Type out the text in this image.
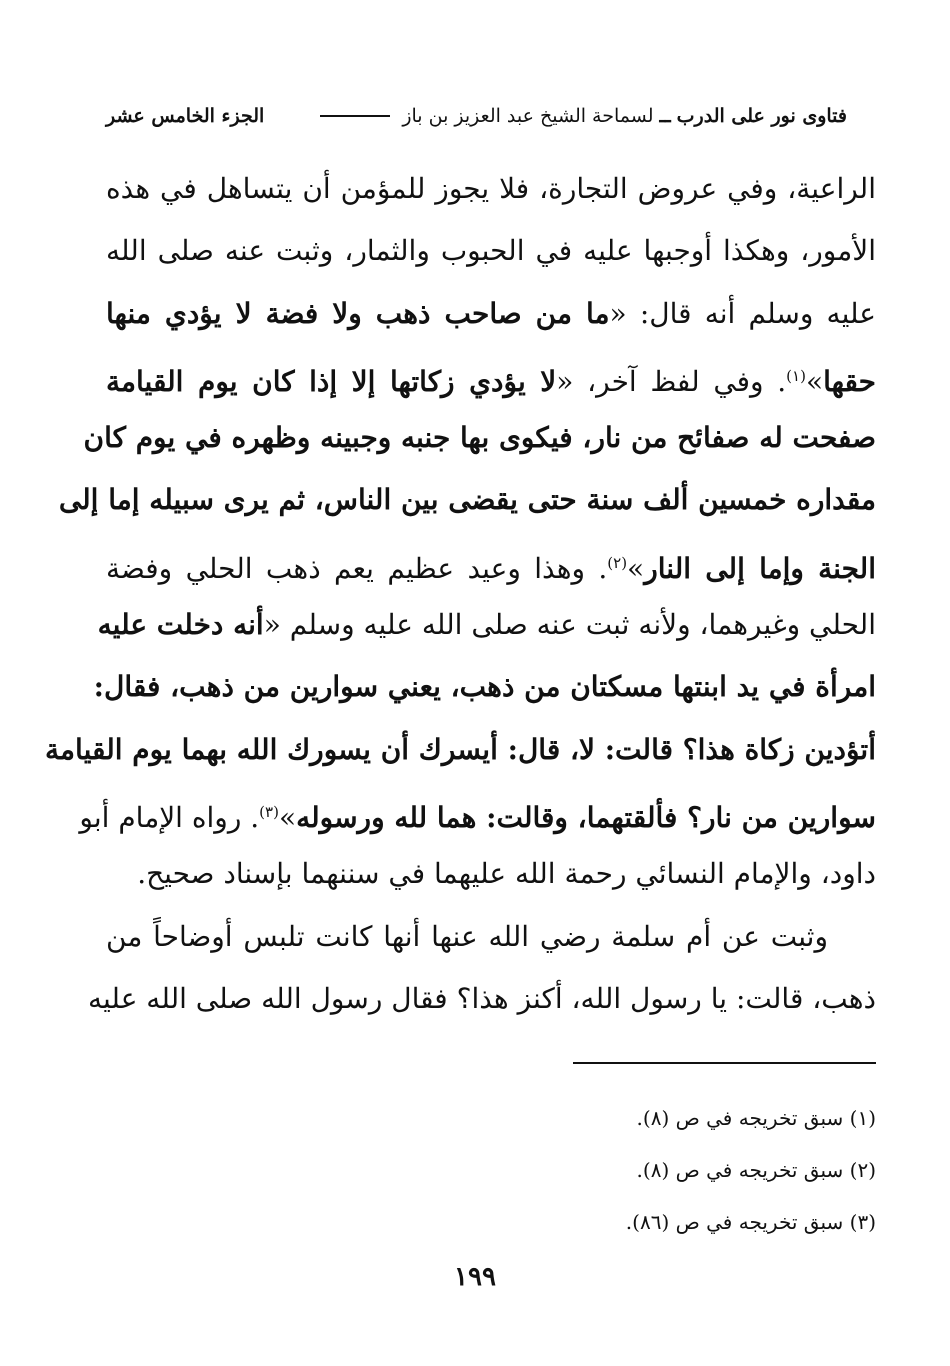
فتاوى نور على الدرب
ــ
لسماحة الشيخ عبد العزيز بن باز
الجزء الخامس عشر
الراعية، وفي عروض التجارة، فلا يجوز للمؤمن أن يتساهل في هذه
الأمور، وهكذا أوجبها عليه في الحبوب والثمار، وثبت عنه صلى الله
عليه وسلم أنه قال: «ما من صاحب ذهب ولا فضة لا يؤدي منها
حقها»$^{(١)}$. وفي لفظ آخر، «لا يؤدي زكاتها إلا إذا كان يوم القيامة
صفحت له صفائح من نار، فيكوى بها جنبه وجبينه وظهره في يوم كان
مقداره خمسين ألف سنة حتى يقضى بين الناس، ثم يرى سبيله إما إلى
الجنة وإما إلى النار»$^{(٢)}$. وهذا وعيد عظيم يعم ذهب الحلي وفضة
الحلي وغيرهما، ولأنه ثبت عنه صلى الله عليه وسلم «أنه دخلت عليه
امرأة في يد ابنتها مسكتان من ذهب، يعني سوارين من ذهب، فقال:
أتؤدين زكاة هذا؟ قالت: لا، قال: أيسرك أن يسورك الله بهما يوم القيامة
سوارين من نار؟ فألقتهما، وقالت: هما لله ورسوله»$^{(٣)}$. رواه الإمام أبو
داود، والإمام النسائي رحمة الله عليهما في سننهما بإسناد صحيح.
وثبت عن أم سلمة رضي الله عنها أنها كانت تلبس أوضاحاً من
ذهب، قالت: يا رسول الله، أكنز هذا؟ فقال رسول الله صلى الله عليه
(١) سبق تخريجه في ص (٨).
(٢) سبق تخريجه في ص (٨).
(٣) سبق تخريجه في ص (٨٦).
١٩٩
